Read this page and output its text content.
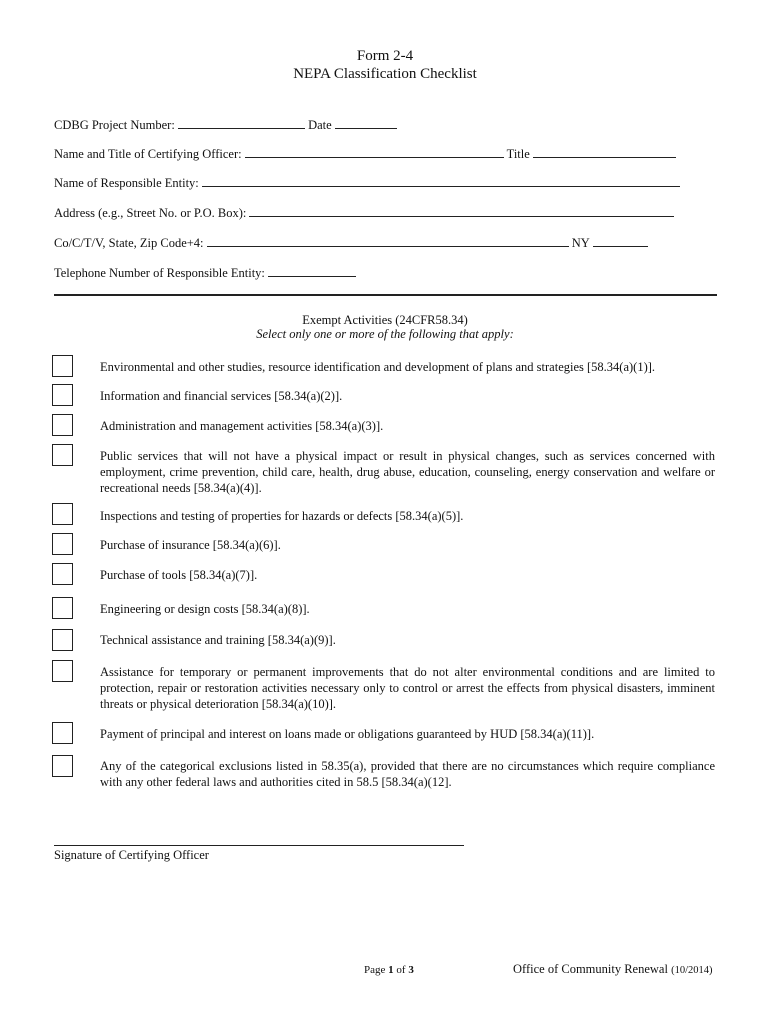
Form 2-4
NEPA Classification Checklist
CDBG Project Number:	Date
Name and Title of Certifying Officer:	Title
Name of Responsible Entity:
Address (e.g., Street No. or P.O. Box):
Co/C/T/V, State, Zip Code+4:	NY
Telephone Number of Responsible Entity:
Exempt Activities (24CFR58.34)
Select only one or more of the following that apply:
Environmental and other studies, resource identification and development of plans and strategies [58.34(a)(1)].
Information and financial services [58.34(a)(2)].
Administration and management activities [58.34(a)(3)].
Public services that will not have a physical impact or result in physical changes, such as services concerned with employment, crime prevention, child care, health, drug abuse, education, counseling, energy conservation and welfare or recreational needs [58.34(a)(4)].
Inspections and testing of properties for hazards or defects [58.34(a)(5)].
Purchase of insurance [58.34(a)(6)].
Purchase of tools [58.34(a)(7)].
Engineering or design costs [58.34(a)(8)].
Technical assistance and training [58.34(a)(9)].
Assistance for temporary or permanent improvements that do not alter environmental conditions and are limited to protection, repair or restoration activities necessary only to control or arrest the effects from physical disasters, imminent threats or physical deterioration [58.34(a)(10)].
Payment of principal and interest on loans made or obligations guaranteed by HUD [58.34(a)(11)].
Any of the categorical exclusions listed in 58.35(a), provided that there are no circumstances which require compliance with any other federal laws and authorities cited in 58.5 [58.34(a)(12].
Signature of Certifying Officer
Page 1 of 3	Office of Community Renewal (10/2014)
